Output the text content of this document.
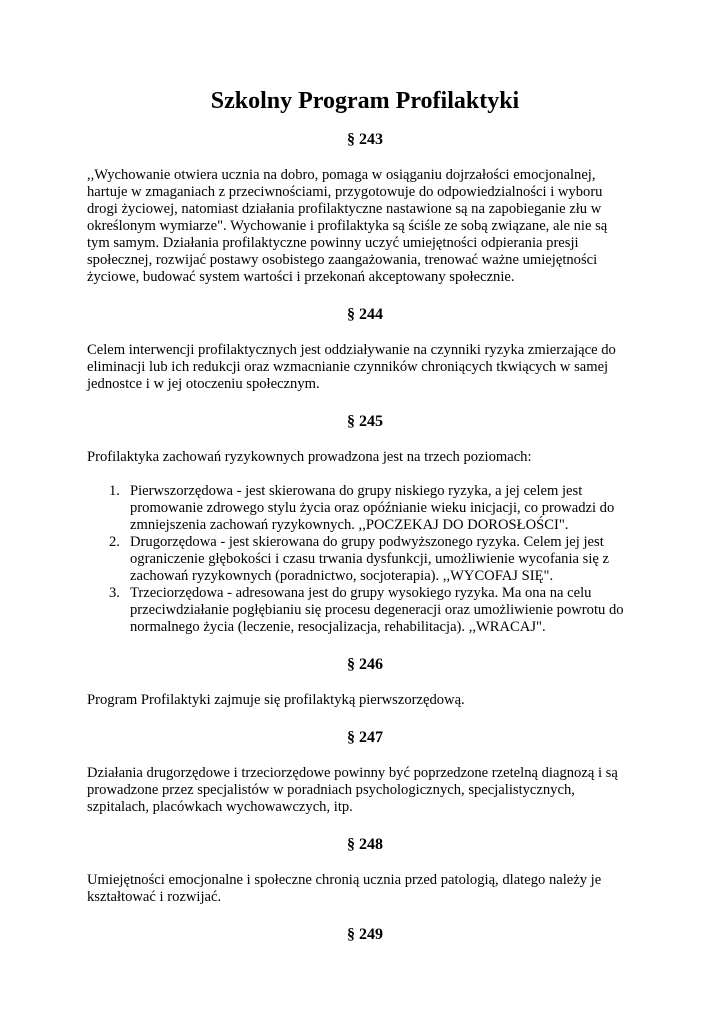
Szkolny Program Profilaktyki
§ 243

,,Wychowanie otwiera ucznia na dobro, pomaga w osiąganiu dojrzałości emocjonalnej, hartuje w zmaganiach z przeciwnościami, przygotowuje do odpowiedzialności i wyboru drogi życiowej, natomiast działania profilaktyczne nastawione są na zapobieganie złu w określonym wymiarze". Wychowanie i profilaktyka są ściśle ze sobą związane, ale nie są tym samym. Działania profilaktyczne powinny uczyć umiejętności odpierania presji społecznej, rozwijać postawy osobistego zaangażowania, trenować ważne umiejętności życiowe, budować system wartości i przekonań akceptowany społecznie.

§ 244

Celem interwencji profilaktycznych jest oddziaływanie na czynniki ryzyka zmierzające do eliminacji lub ich redukcji oraz wzmacnianie czynników chroniących tkwiących w samej jednostce i w jej otoczeniu społecznym.

§ 245

Profilaktyka zachowań ryzykownych prowadzona jest na trzech poziomach:

1. Pierwszorzędowa - jest skierowana do grupy niskiego ryzyka, a jej celem jest promowanie zdrowego stylu życia oraz opóźnianie wieku inicjacji, co prowadzi do zmniejszenia zachowań ryzykownych. ,,POCZEKAJ DO DOROSŁOŚCI".
2. Drugorzędowa - jest skierowana do grupy podwyższonego ryzyka. Celem jej jest ograniczenie głębokości i czasu trwania dysfunkcji, umożliwienie wycofania się z zachowań ryzykownych (poradnictwo, socjoterapia). ,,WYCOFAJ SIĘ".
3. Trzeciorzędowa - adresowana jest do grupy wysokiego ryzyka. Ma ona na celu przeciwdziałanie pogłębianiu się procesu degeneracji oraz umożliwienie powrotu do normalnego życia (leczenie, resocjalizacja, rehabilitacja). ,,WRACAJ".
§ 246

Program Profilaktyki zajmuje się profilaktyką pierwszorzędową.

§ 247

Działania drugorzędowe i trzeciorzędowe powinny być poprzedzone rzetelną diagnozą i są prowadzone przez specjalistów w poradniach psychologicznych, specjalistycznych, szpitalach, placówkach wychowawczych, itp.

§ 248

Umiejętności emocjonalne i społeczne chronią ucznia przed patologią, dlatego należy je kształtować i rozwijać.

§ 249
